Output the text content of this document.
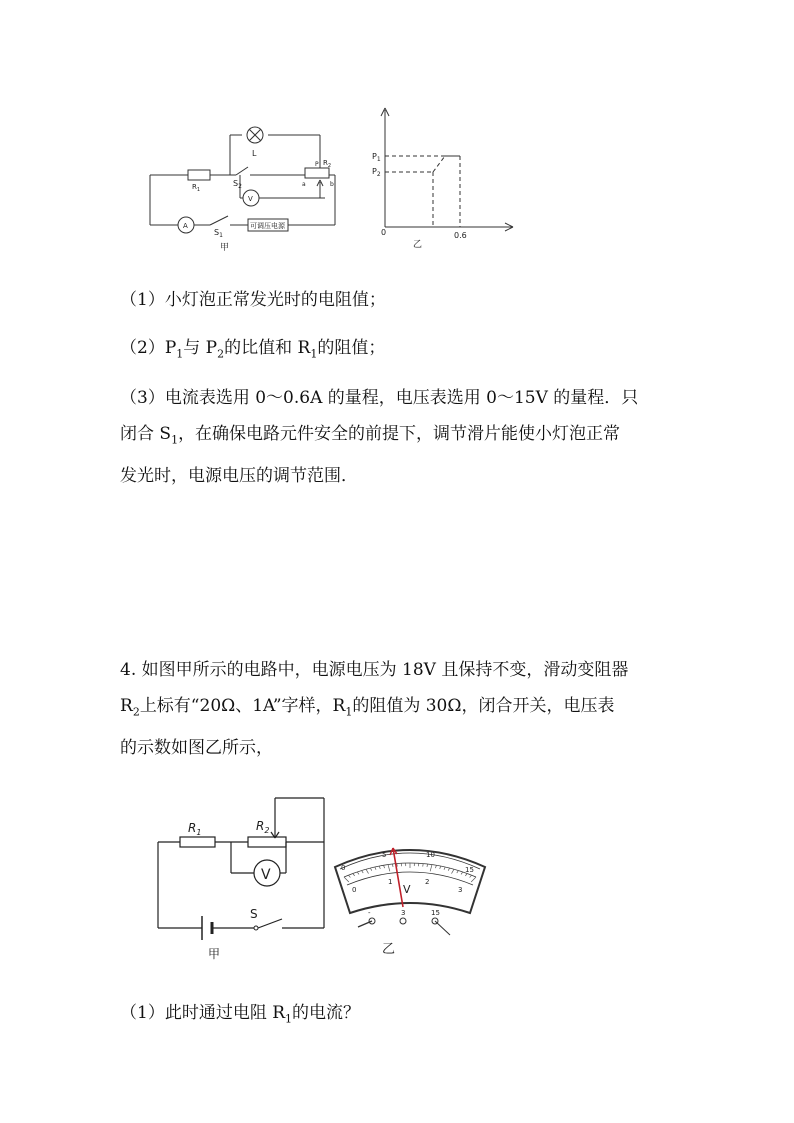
L
$R_1$
$S_2$
P $R_2$
a	b
V
A
$S_1$
可调压电源
甲
$P_1$
$P_2$
0	0.6
乙
（1）小灯泡正常发光时的电阻值；
$(2)P_1$与 $P_2$的比值和 $R_1$的阻值；
（3）电流表选用 0～0.6A 的量程，电压表选用 0～15V 的量程．只
闭合 $S_1$，在确保电路元件安全的前提下，调节滑片能使小灯泡正常
发光时，电源电压的调节范围．
4. 如图甲所示的电路中，电源电压为 18V 且保持不变，滑动变阻器
$R_2$上标有“20Ω、1A”字样，$R_1$的阻值为 30Ω，闭合开关，电压表
的示数如图乙所示，
$R_1$	$R_2$
V
S
甲
0
5	10
15
0
1	2
3
V
-	3	15
乙
（1）此时通过电阻 $R_1$的电流？
